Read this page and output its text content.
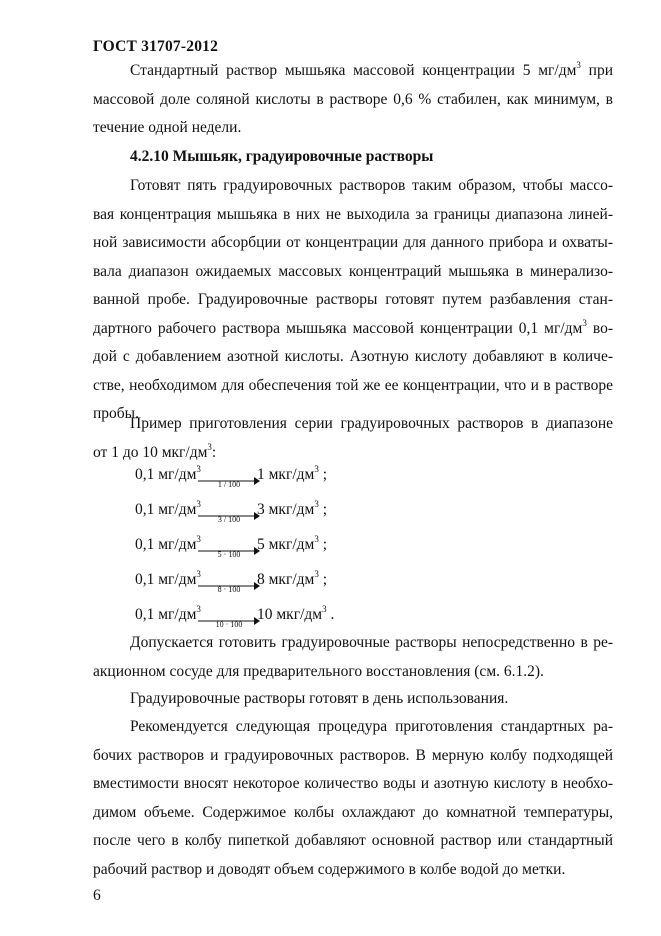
ГОСТ 31707-2012
Стандартный раствор мышьяка массовой концентрации 5 $мг/дм^3$ при
массовой доле соляной кислоты в растворе 0,6 % стабилен, как минимум, в
течение одной недели.
4.2.10 Мышьяк, градуировочные растворы
Готовят пять градуировочных растворов таким образом, чтобы массо-
вая концентрация мышьяка в них не выходила за границы диапазона линей-
ной зависимости абсорбции от концентрации для данного прибора и охваты-
вала диапазон ожидаемых массовых концентраций мышьяка в минерализо-
ванной пробе. Градуировочные растворы готовят путем разбавления стан-
дартного рабочего раствора мышьяка массовой концентрации 0,1 $мг/дм^3$ во-
дой с добавлением азотной кислоты. Азотную кислоту добавляют в количе-
стве, необходимом для обеспечения той же ее концентрации, что и в растворе
пробы.
Пример приготовления серии градуировочных растворов в диапазоне
от 1 до 10 мкг/$дм^3$:
0,1 $мг/дм^3$
1 / 100
1 мкг/$дм^3$ ;
0,1 $мг/дм^3$
3 / 100
3 мкг/$дм^3$ ;
0,1 $мг/дм^3$
5 · 100
5 мкг/$дм^3$ ;
0,1 $мг/дм^3$
8 · 100
8 мкг/$дм^3$ ;
0,1 $мг/дм^3$
10 · 100
10 мкг/$дм^3$ .
Допускается готовить градуировочные растворы непосредственно в ре-
акционном сосуде для предварительного восстановления (см. 6.1.2).
Градуировочные растворы готовят в день использования.
Рекомендуется следующая процедура приготовления стандартных ра-
бочих растворов и градуировочных растворов. В мерную колбу подходящей
вместимости вносят некоторое количество воды и азотную кислоту в необхо-
димом объеме. Содержимое колбы охлаждают до комнатной температуры,
после чего в колбу пипеткой добавляют основной раствор или стандартный
рабочий раствор и доводят объем содержимого в колбе водой до метки.
6
